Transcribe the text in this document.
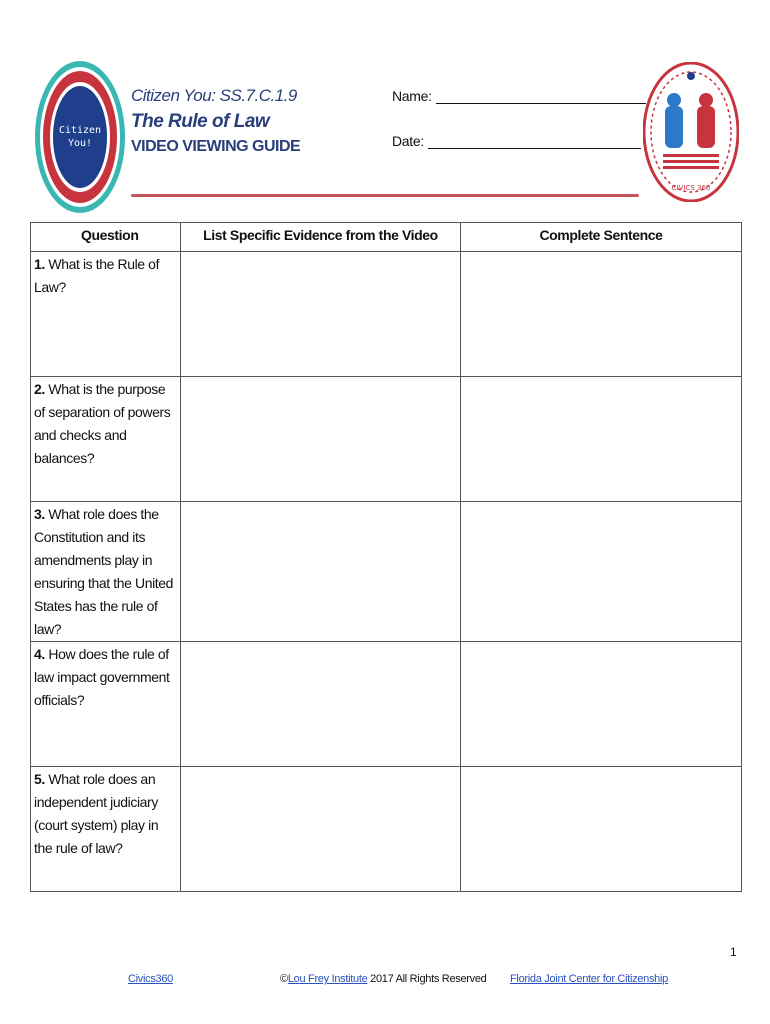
Citizen
You!
Citizen You: SS.7.C.1.9
The Rule of Law
VIDEO VIEWING GUIDE
Name:
Date:
CIVICS 360
Question	List Specific Evidence from the Video	Complete Sentence
1. What is the Rule of Law?		
2. What is the purpose of separation of powers and checks and balances?		
3. What role does the Constitution and its amendments play in ensuring that the United States has the rule of law?		
4. How does the rule of law impact government officials?		
5. What role does an independent judiciary (court system) play in the rule of law?		
1
Civics360	©Lou Frey Institute 2017 All Rights Reserved Florida Joint Center for Citizenship
